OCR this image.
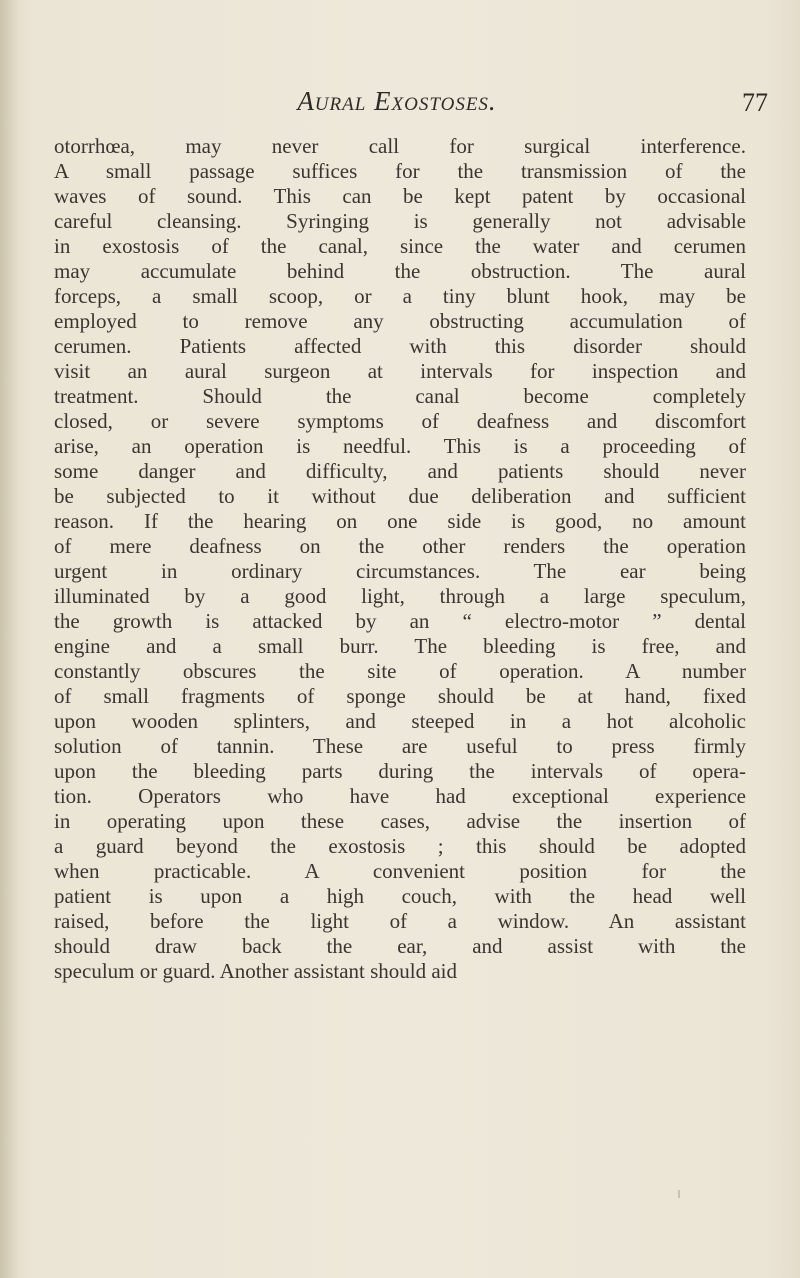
Aural Exostoses.	77
otorrhœa, may never call for surgical interference.
A small passage suffices for the transmission of the
waves of sound. This can be kept patent by occasional
careful cleansing. Syringing is generally not advisable
in exostosis of the canal, since the water and cerumen
may accumulate behind the obstruction. The aural
forceps, a small scoop, or a tiny blunt hook, may be
employed to remove any obstructing accumulation of
cerumen. Patients affected with this disorder should
visit an aural surgeon at intervals for inspection and
treatment. Should the canal become completely
closed, or severe symptoms of deafness and discomfort
arise, an operation is needful. This is a proceeding of
some danger and difficulty, and patients should never
be subjected to it without due deliberation and sufficient
reason. If the hearing on one side is good, no amount
of mere deafness on the other renders the operation
urgent in ordinary circumstances. The ear being
illuminated by a good light, through a large speculum,
the growth is attacked by an “ electro-motor ” dental
engine and a small burr. The bleeding is free, and
constantly obscures the site of operation. A number
of small fragments of sponge should be at hand, fixed
upon wooden splinters, and steeped in a hot alcoholic
solution of tannin. These are useful to press firmly
upon the bleeding parts during the intervals of opera-
tion. Operators who have had exceptional experience
in operating upon these cases, advise the insertion of
a guard beyond the exostosis ; this should be adopted
when practicable. A convenient position for the
patient is upon a high couch, with the head well
raised, before the light of a window. An assistant
should draw back the ear, and assist with the
speculum or guard. Another assistant should aid
